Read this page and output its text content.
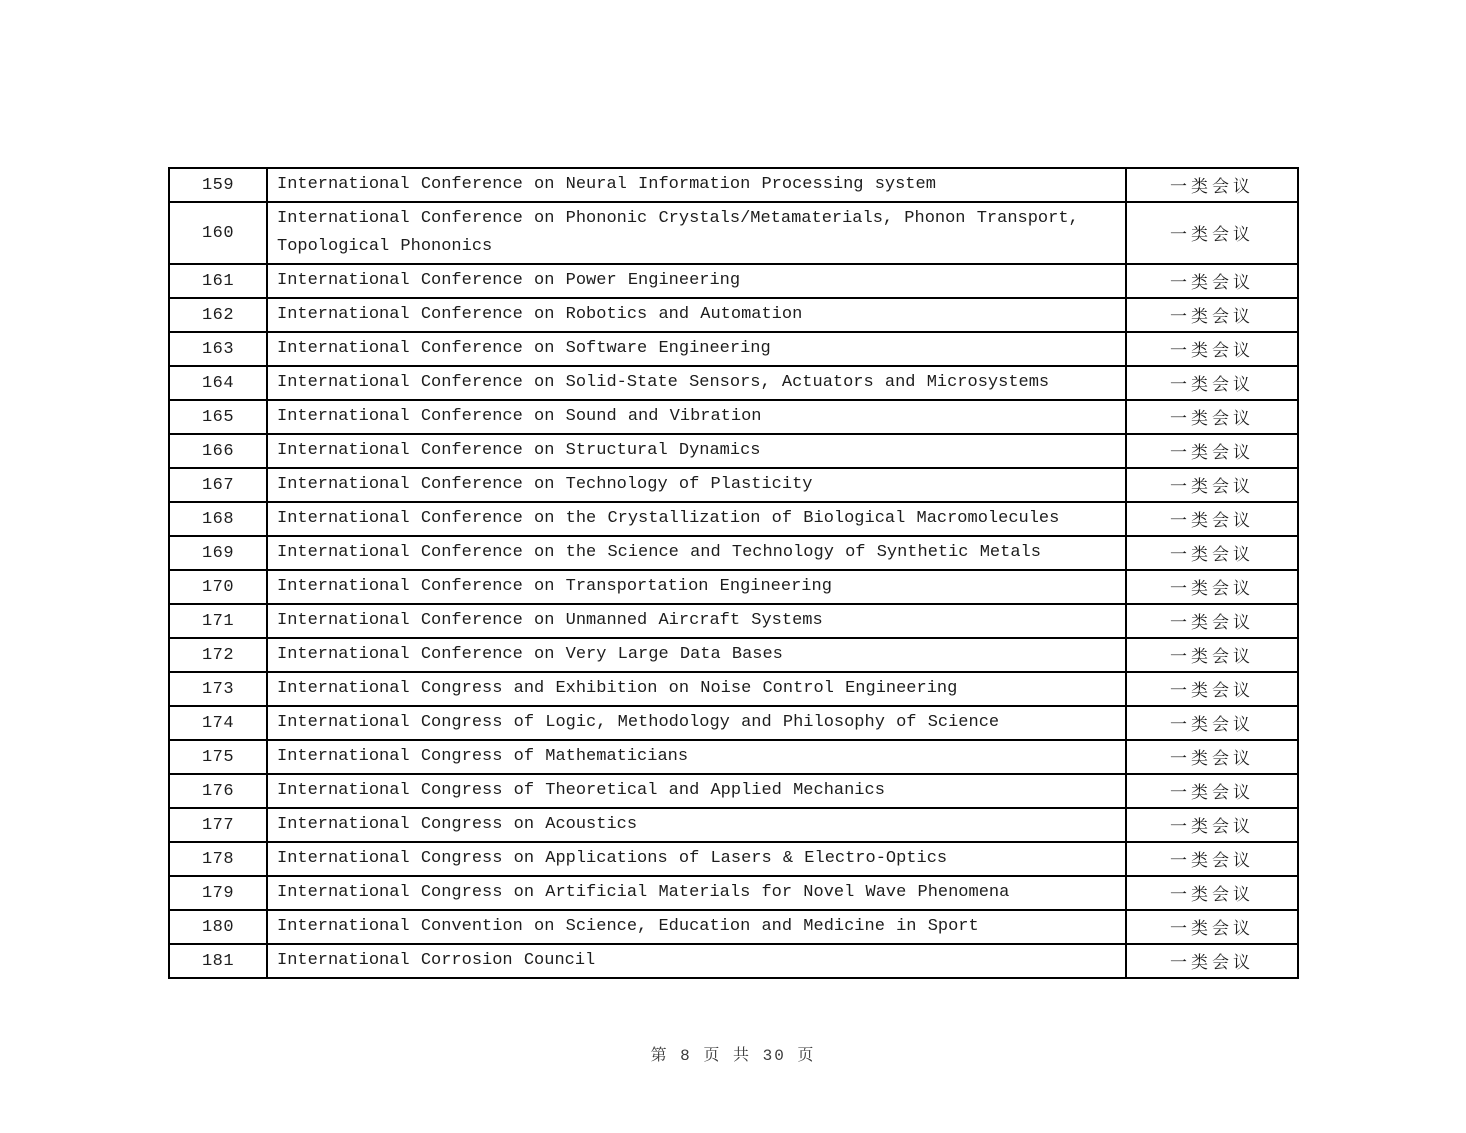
159	International Conference on Neural Information Processing system	一类会议
160	International Conference on Phononic Crystals/Metamaterials, Phonon Transport, Topological Phononics	一类会议
161	International Conference on Power Engineering	一类会议
162	International Conference on Robotics and Automation	一类会议
163	International Conference on Software Engineering	一类会议
164	International Conference on Solid-State Sensors, Actuators and Microsystems	一类会议
165	International Conference on Sound and Vibration	一类会议
166	International Conference on Structural Dynamics	一类会议
167	International Conference on Technology of Plasticity	一类会议
168	International Conference on the Crystallization of Biological Macromolecules	一类会议
169	International Conference on the Science and Technology of Synthetic Metals	一类会议
170	International Conference on Transportation Engineering	一类会议
171	International Conference on Unmanned Aircraft Systems	一类会议
172	International Conference on Very Large Data Bases	一类会议
173	International Congress and Exhibition on Noise Control Engineering	一类会议
174	International Congress of Logic, Methodology and Philosophy of Science	一类会议
175	International Congress of Mathematicians	一类会议
176	International Congress of Theoretical and Applied Mechanics	一类会议
177	International Congress on Acoustics	一类会议
178	International Congress on Applications of Lasers & Electro-Optics	一类会议
179	International Congress on Artificial Materials for Novel Wave Phenomena	一类会议
180	International Convention on Science, Education and Medicine in Sport	一类会议
181	International Corrosion Council	一类会议
第 8 页 共 30 页
